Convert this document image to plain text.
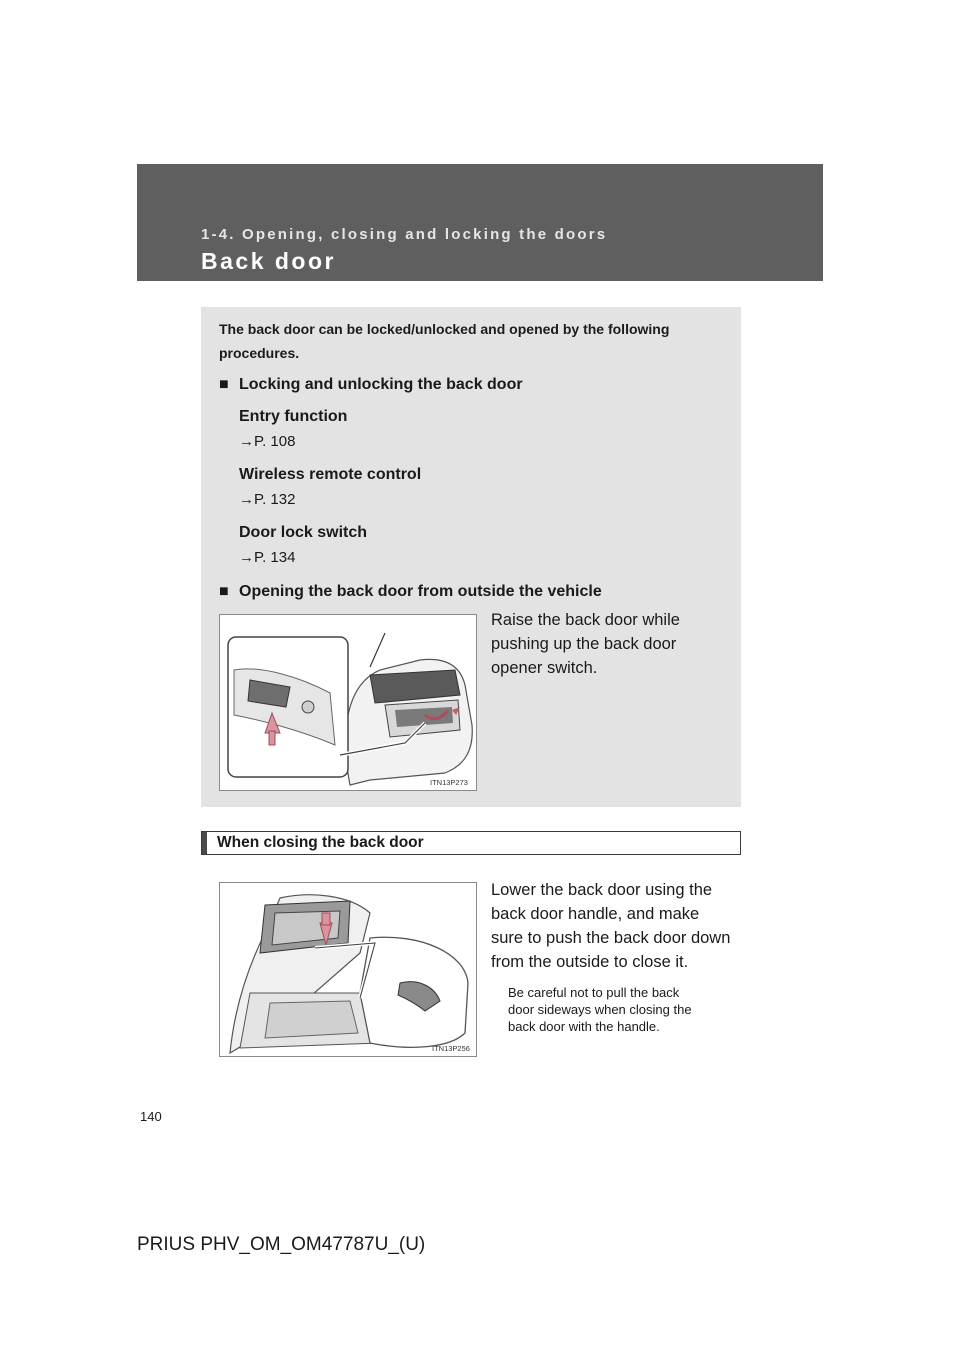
1-4. Opening, closing and locking the doors
Back door
The back door can be locked/unlocked and opened by the following
procedures.
■ Locking and unlocking the back door
Entry function
→P. 108
Wireless remote control
→P. 132
Door lock switch
→P. 134
■ Opening the back door from outside the vehicle
ITN13P273
Raise the back door while
pushing up the back door
opener switch.
When closing the back door
ITN13P256
Lower the back door using the
back door handle, and make
sure to push the back door down
from the outside to close it.
Be careful not to pull the back
door sideways when closing the
back door with the handle.
140
PRIUS PHV_OM_OM47787U_(U)
